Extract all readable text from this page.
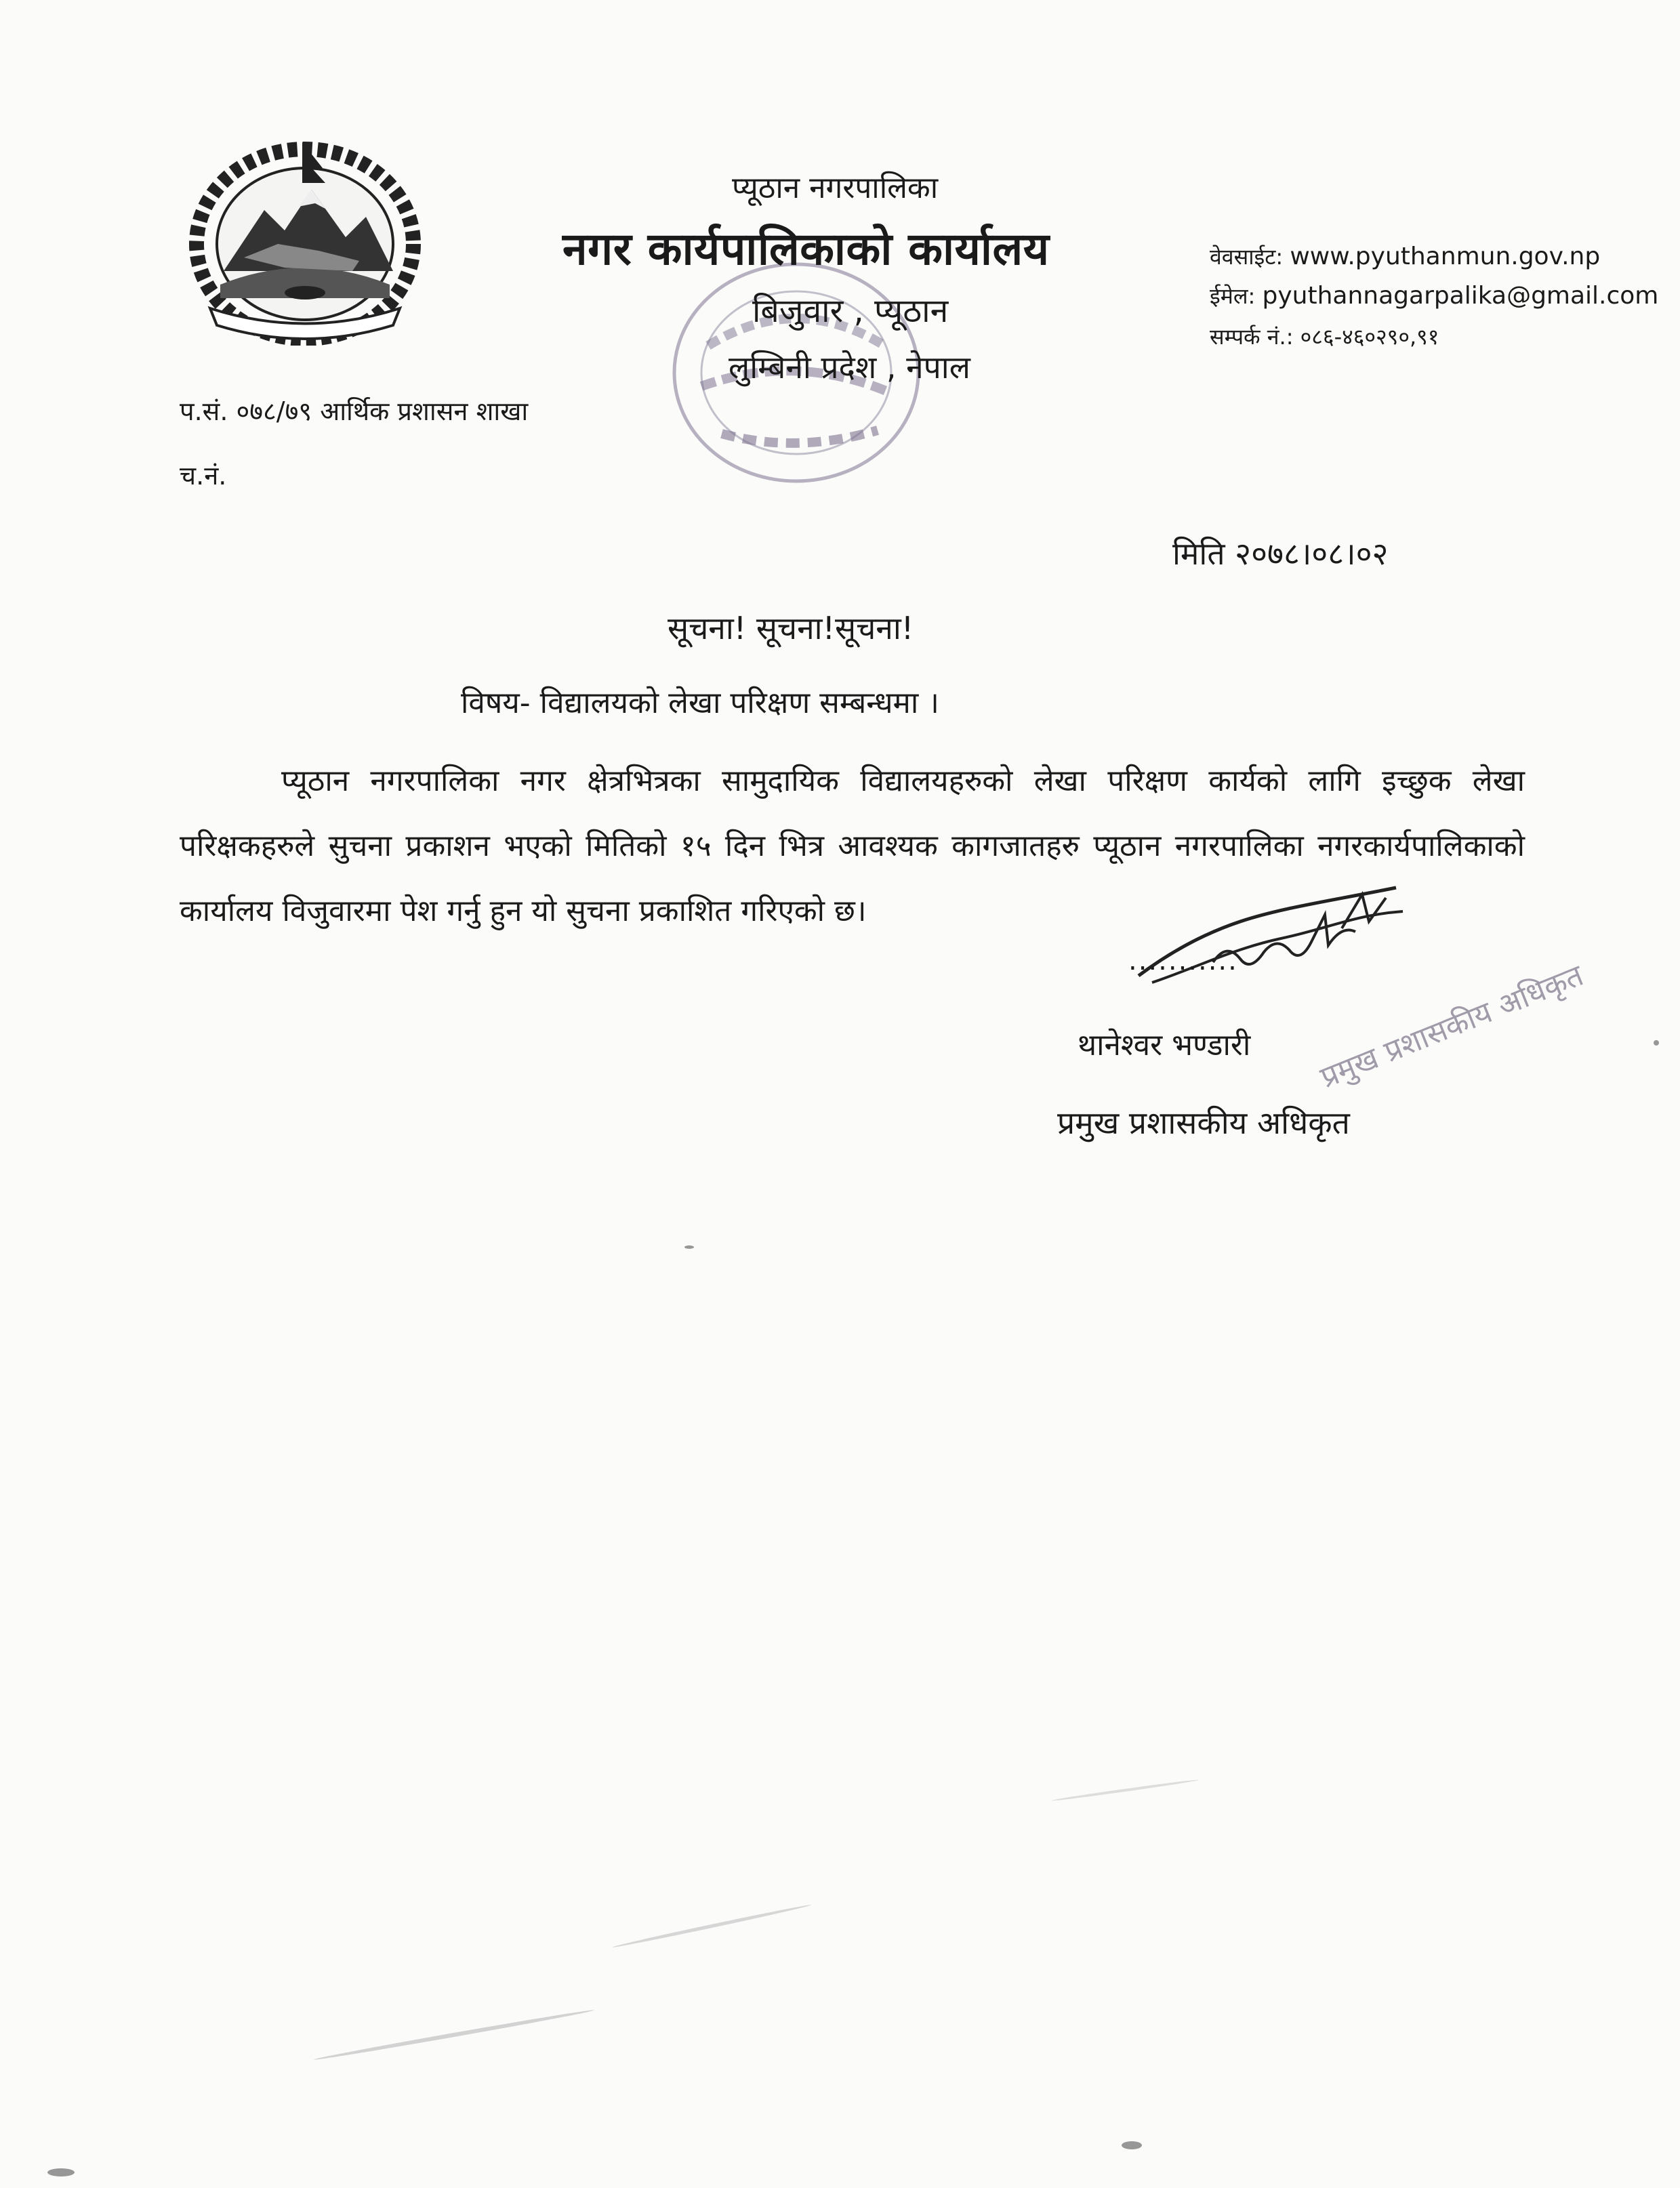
प्यूठान नगरपालिका
नगर कार्यपालिकाको कार्यालय
बिजुवार , प्यूठान
लुम्बिनी प्रदेश , नेपाल
वेवसाईट: www.pyuthanmun.gov.np
ईमेल: pyuthannagarpalika@gmail.com
सम्पर्क नं.: ०८६-४६०२९०,९१
प.सं. ०७८/७९ आर्थिक प्रशासन शाखा
च.नं.
मिति २०७८।०८।०२
सूचना! सूचना!सूचना!
विषय- विद्यालयको लेखा परिक्षण सम्बन्धमा ।
प्यूठान नगरपालिका नगर क्षेत्रभित्रका सामुदायिक विद्यालयहरुको लेखा परिक्षण कार्यको लागि इच्छुक लेखा परिक्षकहरुले सुचना प्रकाशन भएको मितिको १५ दिन भित्र आवश्यक कागजातहरु प्यूठान नगरपालिका नगरकार्यपालिकाको कार्यालय विजुवारमा पेश गर्नु हुन यो सुचना प्रकाशित गरिएको छ।
...........
थानेश्वर भण्डारी
प्रमुख प्रशासकीय अधिकृत
प्रमुख प्रशासकीय अधिकृत
